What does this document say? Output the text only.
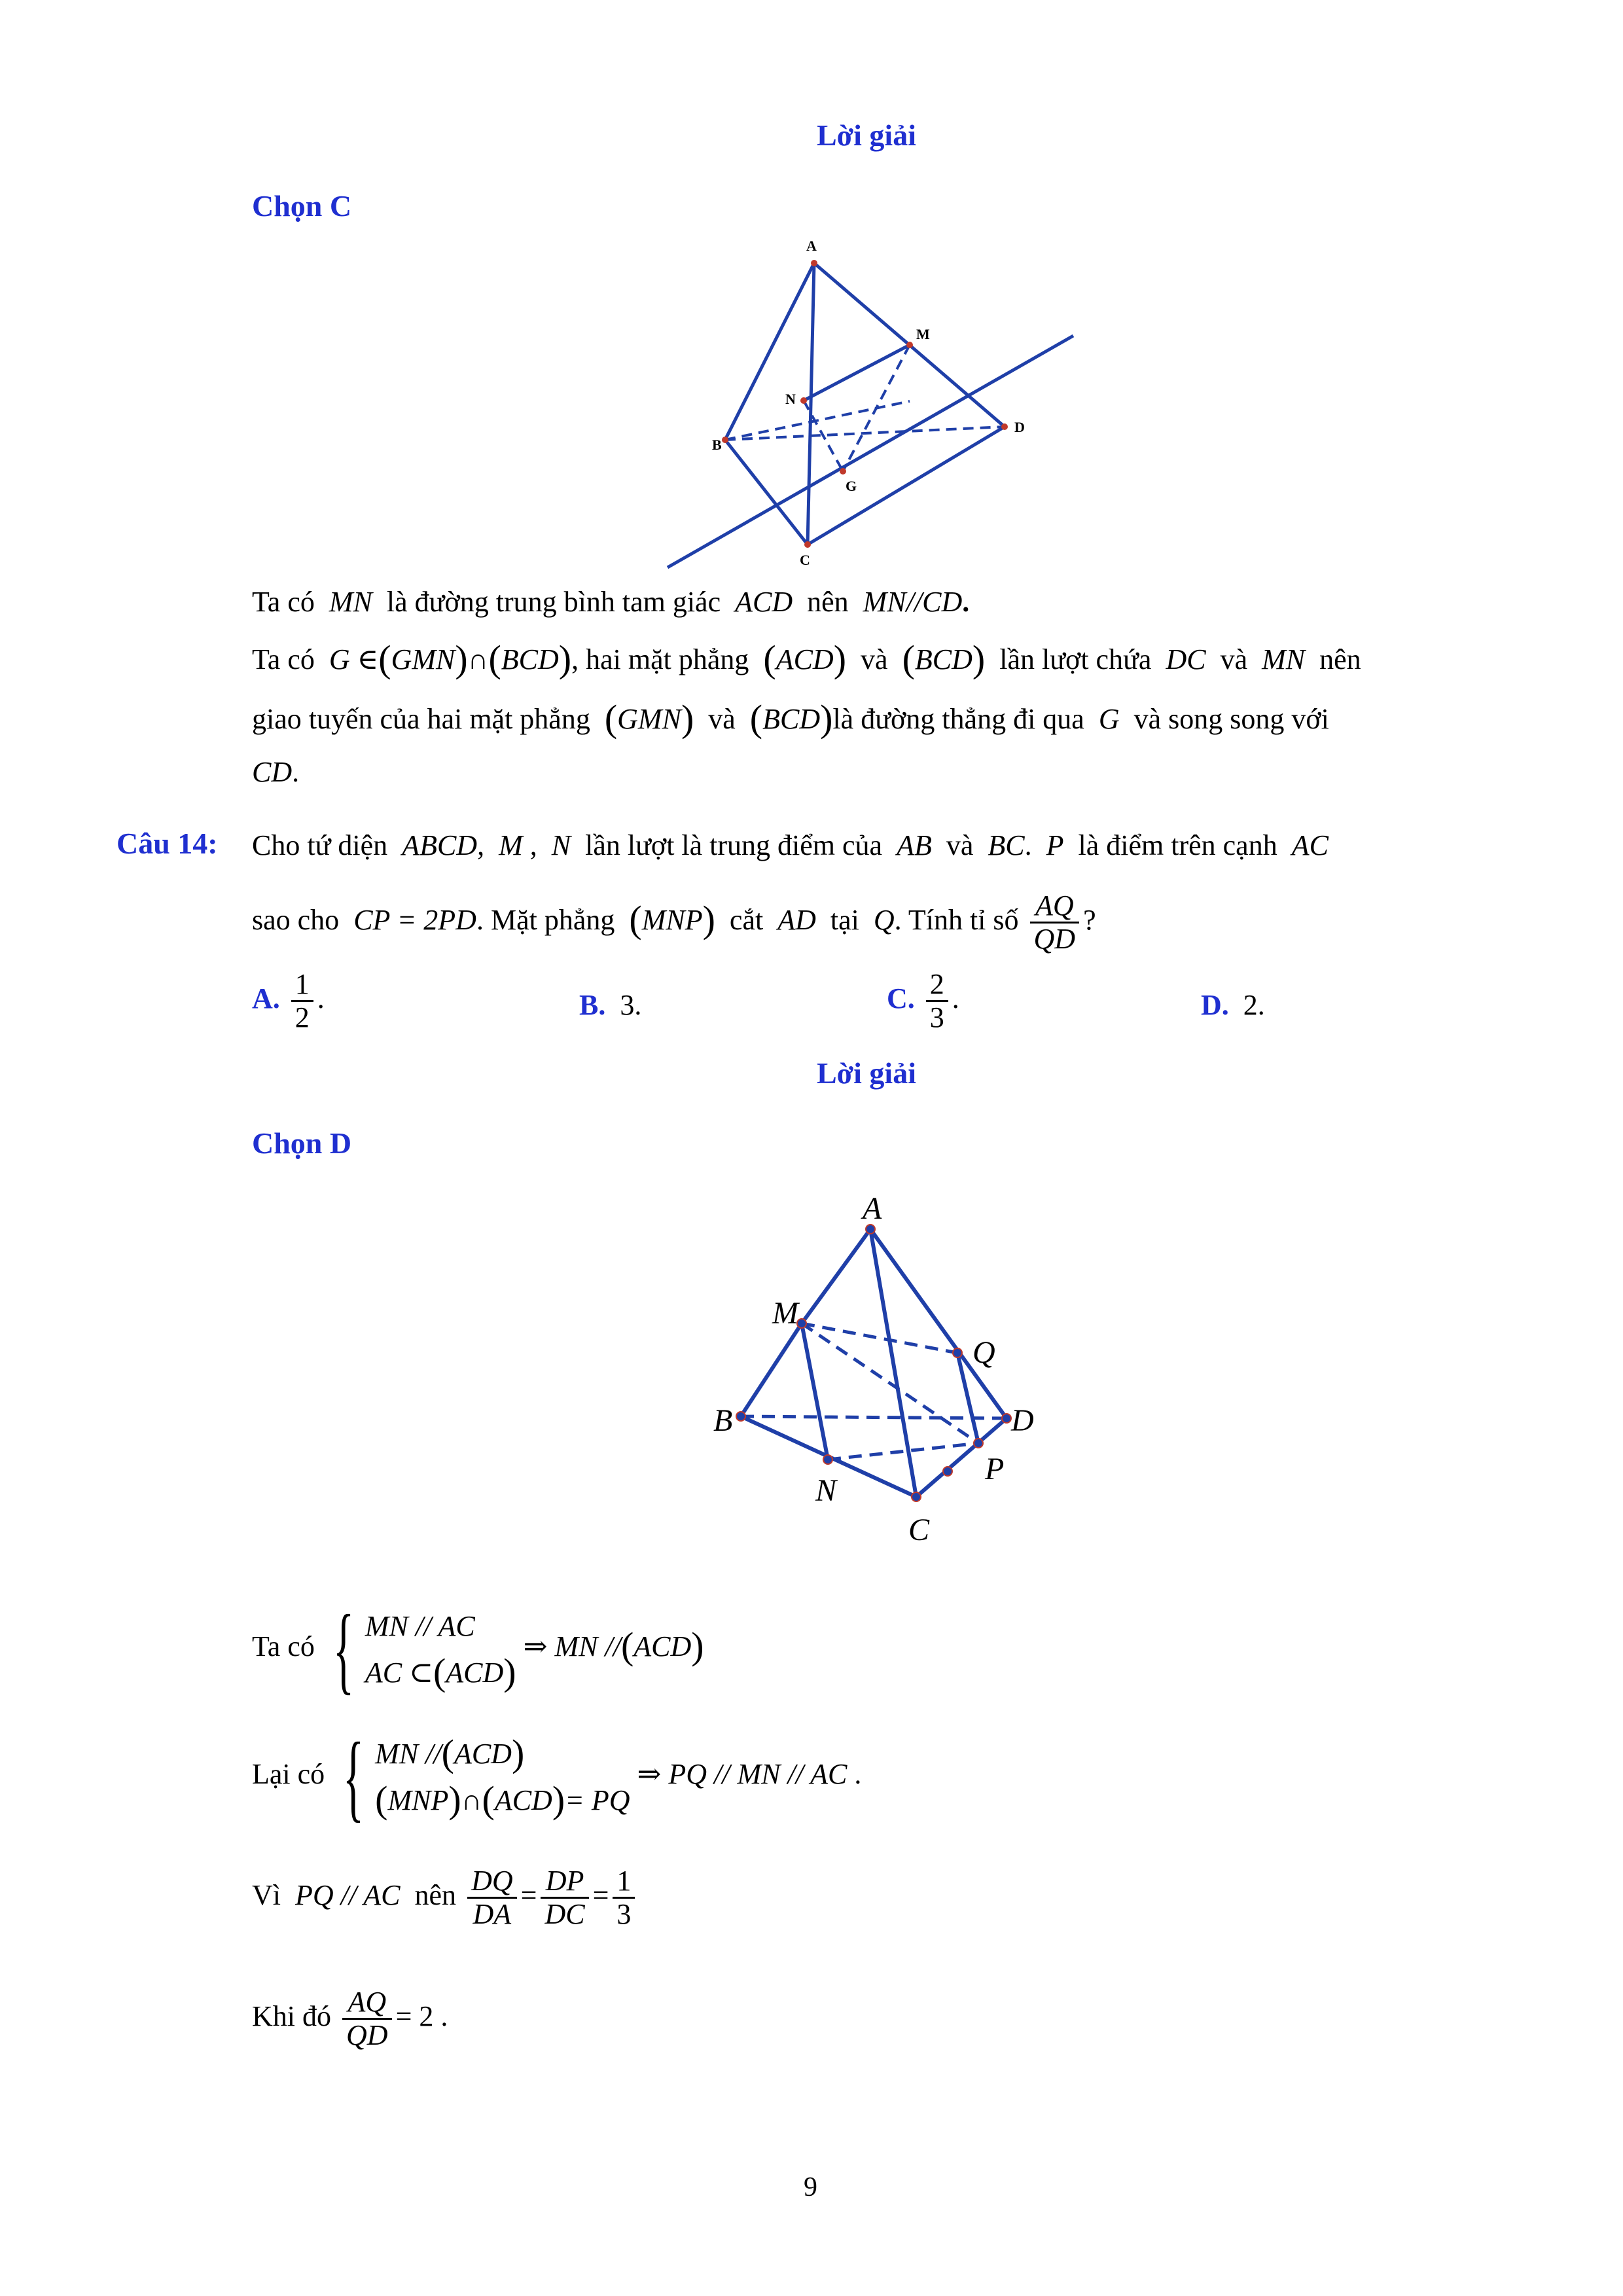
Lời giải
Chọn C
A
M
N
B
D
G
C
Ta có MN là đường trung bình tam giác ACD nên MN//CD.
Ta có G ∈(GMN)∩(BCD), hai mặt phẳng (ACD) và (BCD) lần lượt chứa DC và MN nên
giao tuyến của hai mặt phẳng (GMN) và (BCD)là đường thẳng đi qua G và song song với
CD.
Câu 14: Cho tứ diện ABCD, M , N lần lượt là trung điểm của AB và BC. P là điểm trên cạnh AC
sao cho CP = 2PD. Mặt phẳng (MNP) cắt AD tại Q. Tính tỉ số $\frac{AQ}{QD}$ ?
A. $\frac{1}{2}$ .	B. 3.	C. $\frac{2}{3}$ .	D. 2.
Lời giải
Chọn D
A
M
Q
B	D
P
N
C
Ta có { MN // AC
AC ⊂(ACD) ⇒ MN //(ACD)
Lại có { MN //(ACD)
(MNP)∩(ACD)= PQ ⇒ PQ // MN // AC .
Vì PQ // AC nên $\frac{DQ}{DA} = \frac{DP}{DC} = \frac{1}{3}$
Khi đó $\frac{AQ}{QD} = 2$ .
9
